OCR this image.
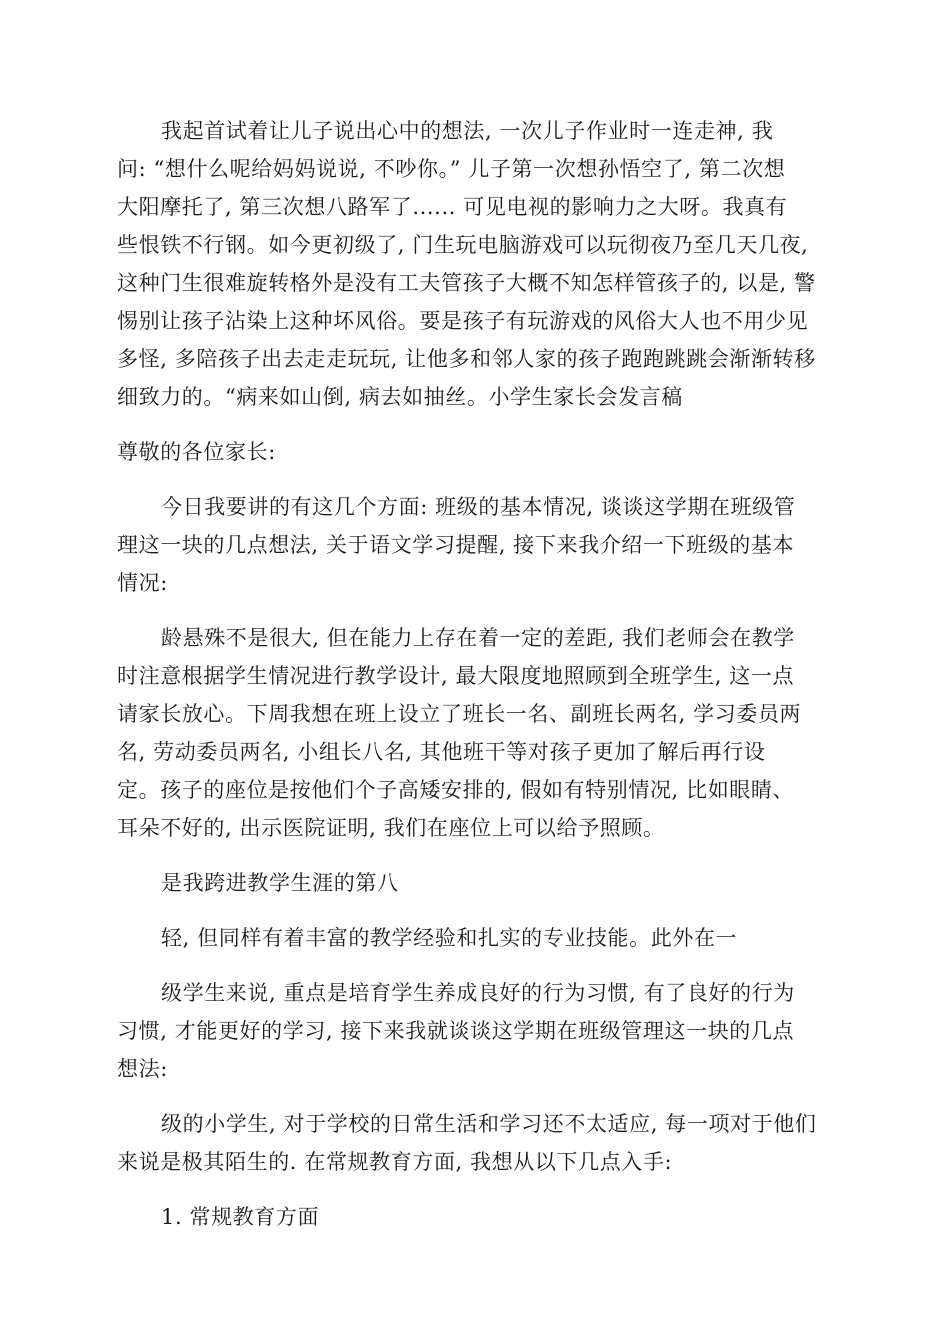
我起首试着让儿子说出心中的想法, 一次儿子作业时一连走神, 我
问: “想什么呢给妈妈说说, 不吵你。” 儿子第一次想孙悟空了, 第二次想
大阳摩托了, 第三次想八路军了...... 可见电视的影响力之大呀。我真有
些恨铁不行钢。如今更初级了, 门生玩电脑游戏可以玩彻夜乃至几天几夜,
这种门生很难旋转格外是没有工夫管孩子大概不知怎样管孩子的, 以是, 警
惕别让孩子沾染上这种坏风俗。要是孩子有玩游戏的风俗大人也不用少见
多怪, 多陪孩子出去走走玩玩, 让他多和邻人家的孩子跑跑跳跳会渐渐转移
细致力的。“病来如山倒, 病去如抽丝。小学生家长会发言稿
尊敬的各位家长:
今日我要讲的有这几个方面: 班级的基本情况, 谈谈这学期在班级管
理这一块的几点想法, 关于语文学习提醒, 接下来我介绍一下班级的基本
情况:
龄悬殊不是很大, 但在能力上存在着一定的差距, 我们老师会在教学
时注意根据学生情况进行教学设计, 最大限度地照顾到全班学生, 这一点
请家长放心。下周我想在班上设立了班长一名、副班长两名, 学习委员两
名, 劳动委员两名, 小组长八名, 其他班干等对孩子更加了解后再行设
定。孩子的座位是按他们个子高矮安排的, 假如有特别情况, 比如眼睛、
耳朵不好的, 出示医院证明, 我们在座位上可以给予照顾。
是我跨进教学生涯的第八
轻, 但同样有着丰富的教学经验和扎实的专业技能。此外在一
级学生来说, 重点是培育学生养成良好的行为习惯, 有了良好的行为
习惯, 才能更好的学习, 接下来我就谈谈这学期在班级管理这一块的几点
想法:
级的小学生, 对于学校的日常生活和学习还不太适应, 每一项对于他们
来说是极其陌生的. 在常规教育方面, 我想从以下几点入手:
1. 常规教育方面
